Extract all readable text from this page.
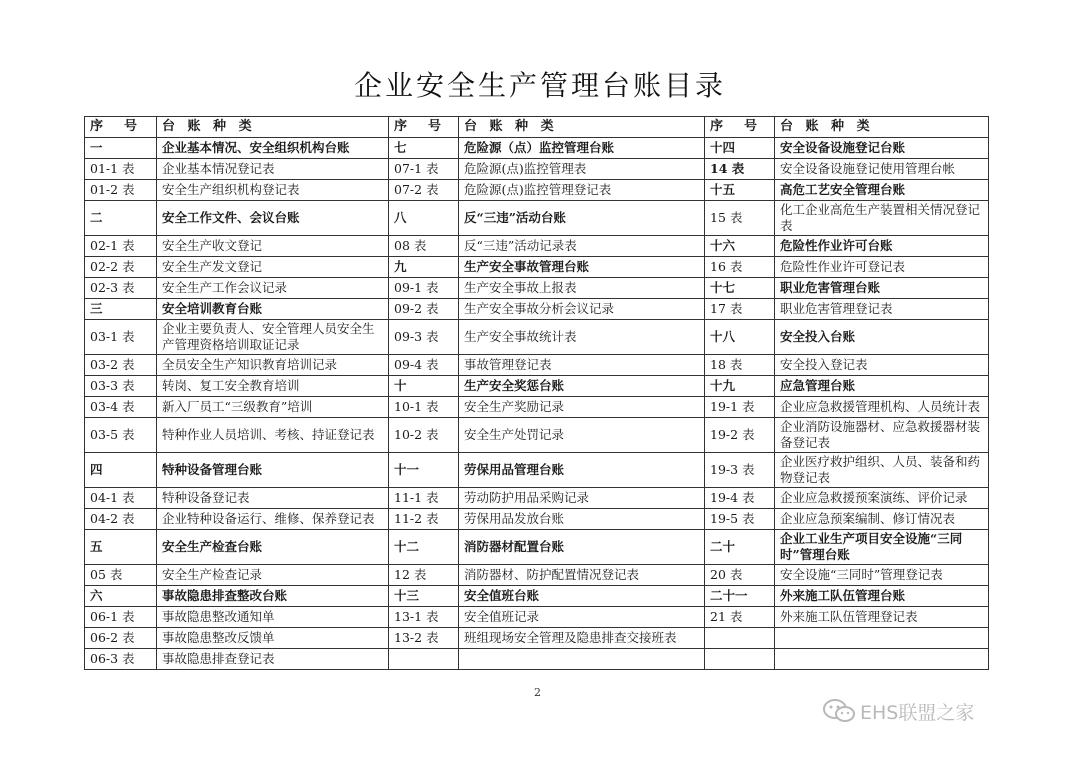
企业安全生产管理台账目录
序　号	台 账 种 类	序　号	台 账 种 类	序　号	台 账 种 类
一	企业基本情况、安全组织机构台账	七	危险源（点）监控管理台账	十四	安全设备设施登记台账
01-1 表	企业基本情况登记表	07-1 表	危险源(点)监控管理表	14 表	安全设备设施登记使用管理台帐
01-2 表	安全生产组织机构登记表	07-2 表	危险源(点)监控管理登记表	十五	高危工艺安全管理台账
二	安全工作文件、会议台账	八	反“三违”活动台账	15 表	化工企业高危生产装置相关情况登记表
02-1 表	安全生产收文登记	08 表	反“三违”活动记录表	十六	危险性作业许可台账
02-2 表	安全生产发文登记	九	生产安全事故管理台账	16 表	危险性作业许可登记表
02-3 表	安全生产工作会议记录	09-1 表	生产安全事故上报表	十七	职业危害管理台账
三	安全培训教育台账	09-2 表	生产安全事故分析会议记录	17 表	职业危害管理登记表
03-1 表	企业主要负责人、安全管理人员安全生产管理资格培训取证记录	09-3 表	生产安全事故统计表	十八	安全投入台账
03-2 表	全员安全生产知识教育培训记录	09-4 表	事故管理登记表	18 表	安全投入登记表
03-3 表	转岗、复工安全教育培训	十	生产安全奖惩台账	十九	应急管理台账
03-4 表	新入厂员工“三级教育”培训	10-1 表	安全生产奖励记录	19-1 表	企业应急救援管理机构、人员统计表
03-5 表	特种作业人员培训、考核、持证登记表	10-2 表	安全生产处罚记录	19-2 表	企业消防设施器材、应急救援器材装备登记表
四	特种设备管理台账	十一	劳保用品管理台账	19-3 表	企业医疗救护组织、人员、装备和药物登记表
04-1 表	特种设备登记表	11-1 表	劳动防护用品采购记录	19-4 表	企业应急救援预案演练、评价记录
04-2 表	企业特种设备运行、维修、保养登记表	11-2 表	劳保用品发放台账	19-5 表	企业应急预案编制、修订情况表
五	安全生产检查台账	十二	消防器材配置台账	二十	企业工业生产项目安全设施“三同时”管理台账
05 表	安全生产检查记录	12 表	消防器材、防护配置情况登记表	20 表	安全设施“三同时”管理登记表
六	事故隐患排查整改台账	十三	安全值班台账	二十一	外来施工队伍管理台账
06-1 表	事故隐患整改通知单	13-1 表	安全值班记录	21 表	外来施工队伍管理登记表
06-2 表	事故隐患整改反馈单	13-2 表	班组现场安全管理及隐患排查交接班表		
06-3 表	事故隐患排查登记表				
2
EHS联盟之家
